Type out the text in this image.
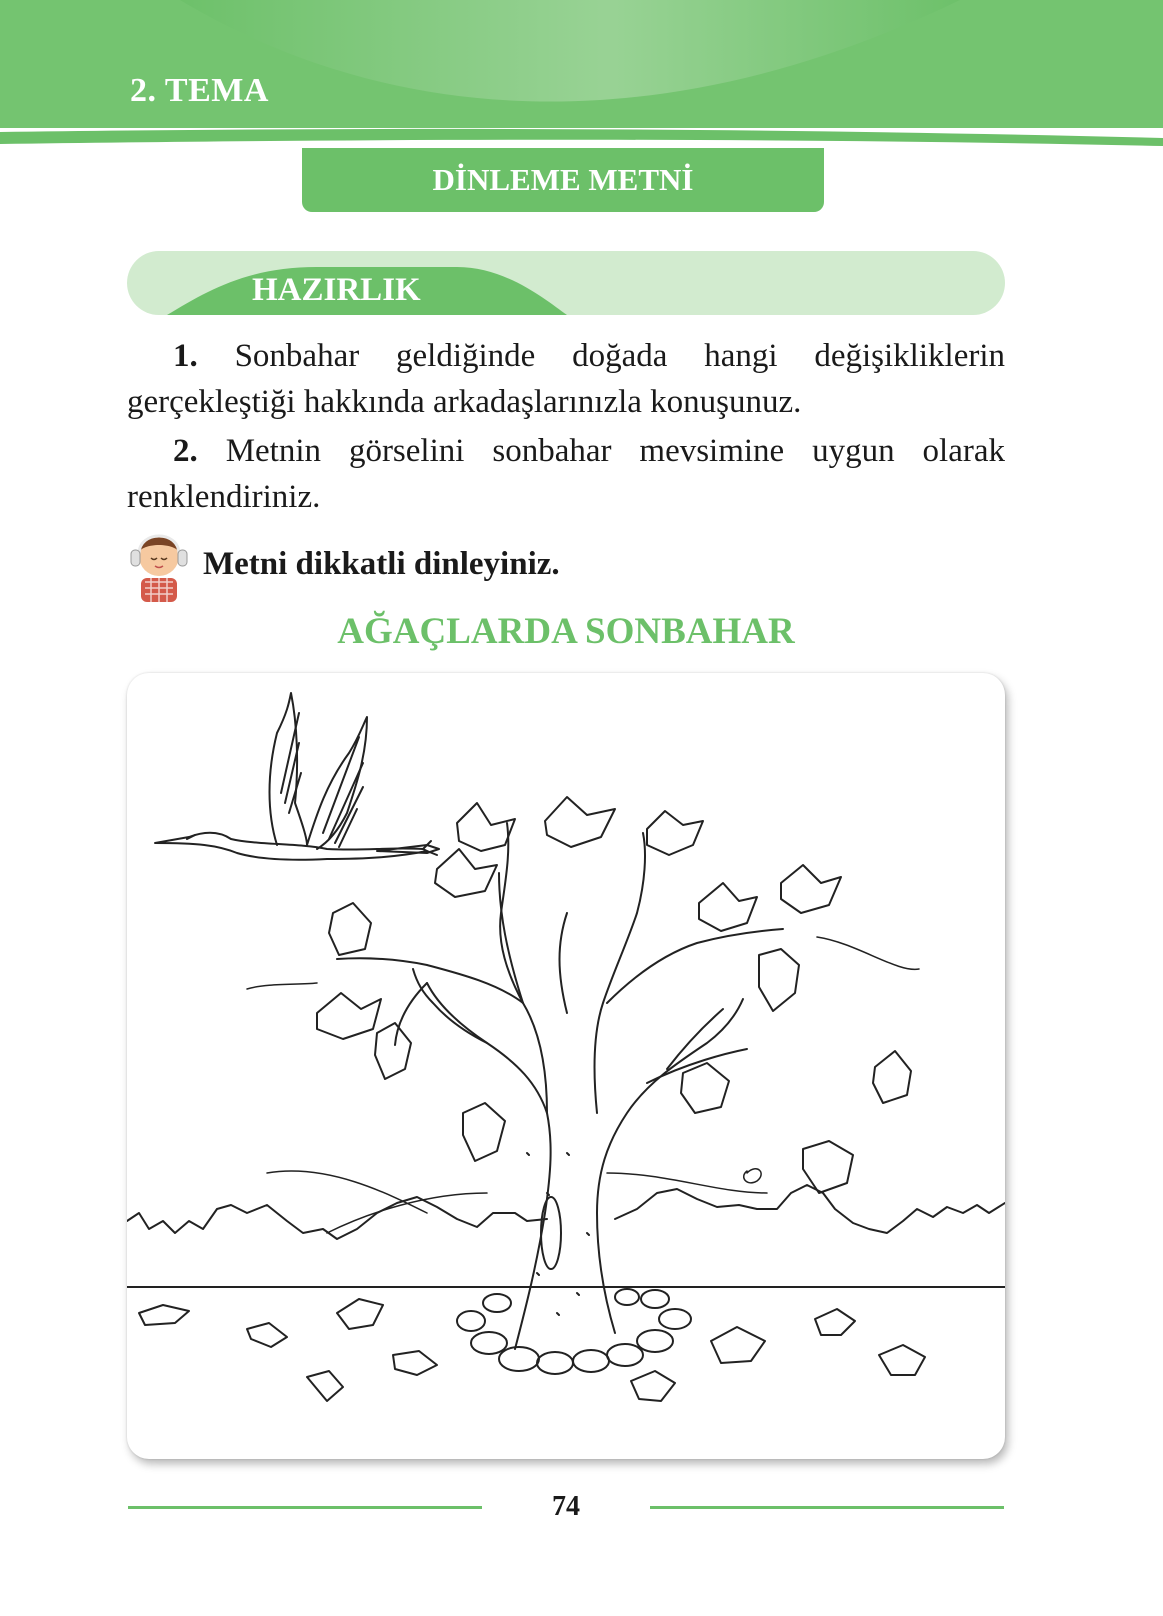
2. TEMA
DİNLEME METNİ
HAZIRLIK

1. Sonbahar geldiğinde doğada hangi değişikliklerin gerçekleştiği hakkında arkadaşlarınızla konuşunuz.

2. Metnin görselini sonbahar mevsimine uygun olarak renklendiriniz.

Metni dikkatli dinleyiniz.
AĞAÇLARDA SONBAHAR
74
